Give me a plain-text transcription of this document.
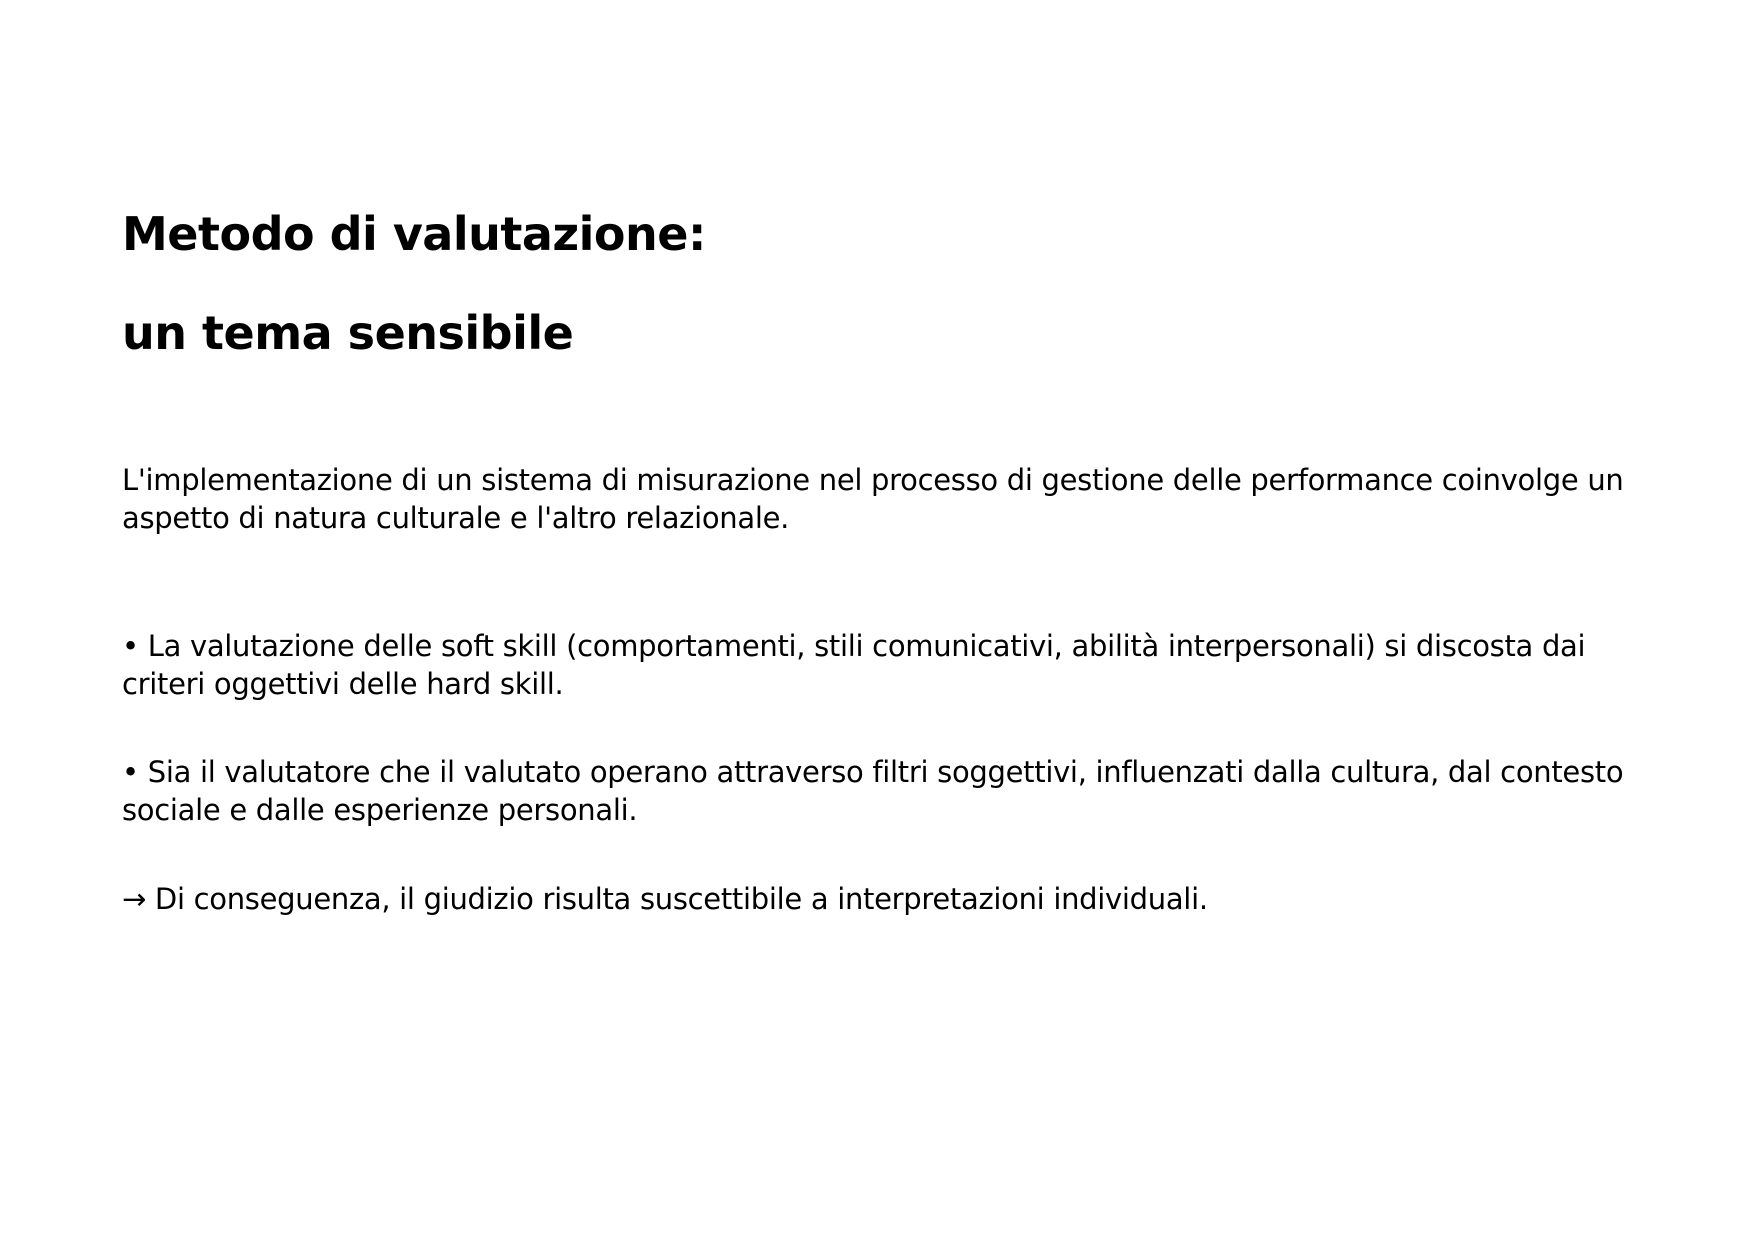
Metodo di valutazione:
un tema sensibile

L'implementazione di un sistema di misurazione nel processo di gestione delle performance coinvolge un aspetto di natura culturale e l'altro relazionale.

• La valutazione delle soft skill (comportamenti, stili comunicativi, abilità interpersonali) si discosta dai criteri oggettivi delle hard skill.

• Sia il valutatore che il valutato operano attraverso filtri soggettivi, influenzati dalla cultura, dal contesto sociale e dalle esperienze personali.

→ Di conseguenza, il giudizio risulta suscettibile a interpretazioni individuali.
